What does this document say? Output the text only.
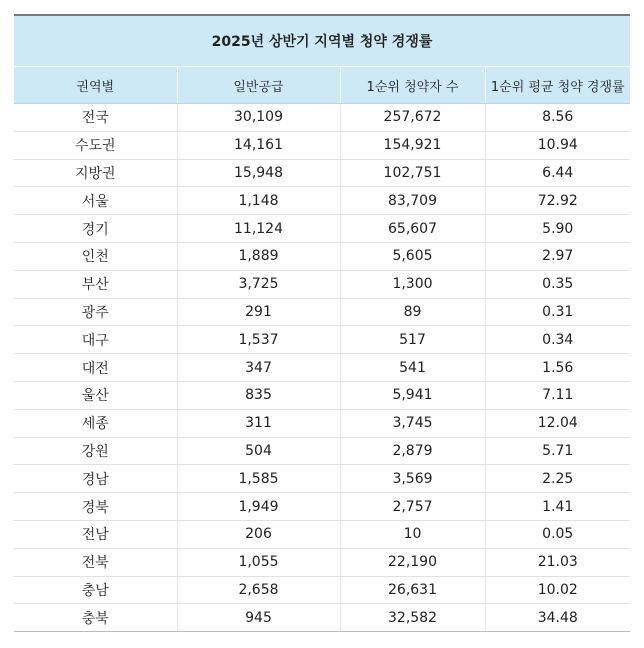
2025년 상반기 지역별 청약 경쟁률			
권역별	일반공급	1순위 청약자 수	1순위 평균 청약 경쟁률
전국	30,109	257,672	8.56
수도권	14,161	154,921	10.94
지방권	15,948	102,751	6.44
서울	1,148	83,709	72.92
경기	11,124	65,607	5.90
인천	1,889	5,605	2.97
부산	3,725	1,300	0.35
광주	291	89	0.31
대구	1,537	517	0.34
대전	347	541	1.56
울산	835	5,941	7.11
세종	311	3,745	12.04
강원	504	2,879	5.71
경남	1,585	3,569	2.25
경북	1,949	2,757	1.41
전남	206	10	0.05
전북	1,055	22,190	21.03
충남	2,658	26,631	10.02
충북	945	32,582	34.48
